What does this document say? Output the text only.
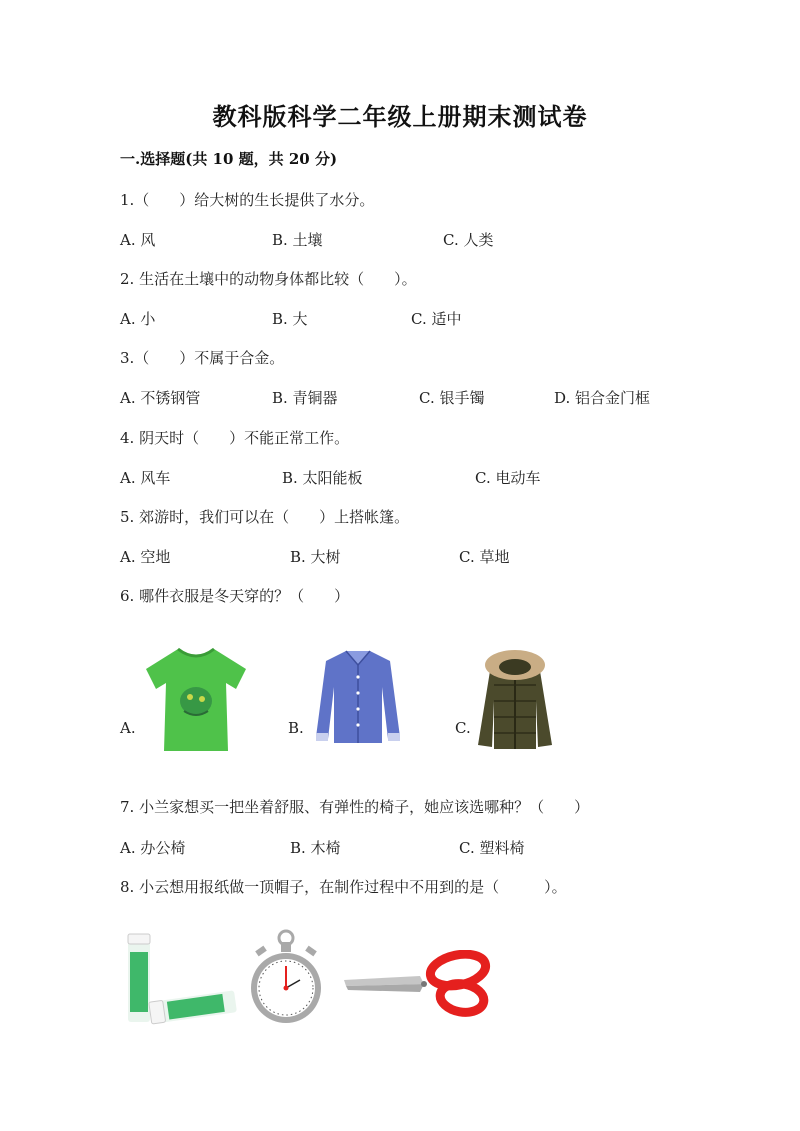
教科版科学二年级上册期末测试卷
一.选择题(共 10 题，共 20 分)
1.（　　）给大树的生长提供了水分。
A. 风	B. 土壤	C. 人类
2. 生活在土壤中的动物身体都比较（　　）。
A. 小	B. 大	C. 适中
3.（　　）不属于合金。
A. 不锈钢管	B. 青铜器	C. 银手镯	D. 铝合金门框
4. 阴天时（　　）不能正常工作。
A. 风车	B. 太阳能板	C. 电动车
5. 郊游时，我们可以在（　　）上搭帐篷。
A. 空地	B. 大树	C. 草地
6. 哪件衣服是冬天穿的？（　　）
A.	B.	C.
7. 小兰家想买一把坐着舒服、有弹性的椅子，她应该选哪种？（　　）
A. 办公椅	B. 木椅	C. 塑料椅
8. 小云想用报纸做一顶帽子，在制作过程中不用到的是（　　　）。
